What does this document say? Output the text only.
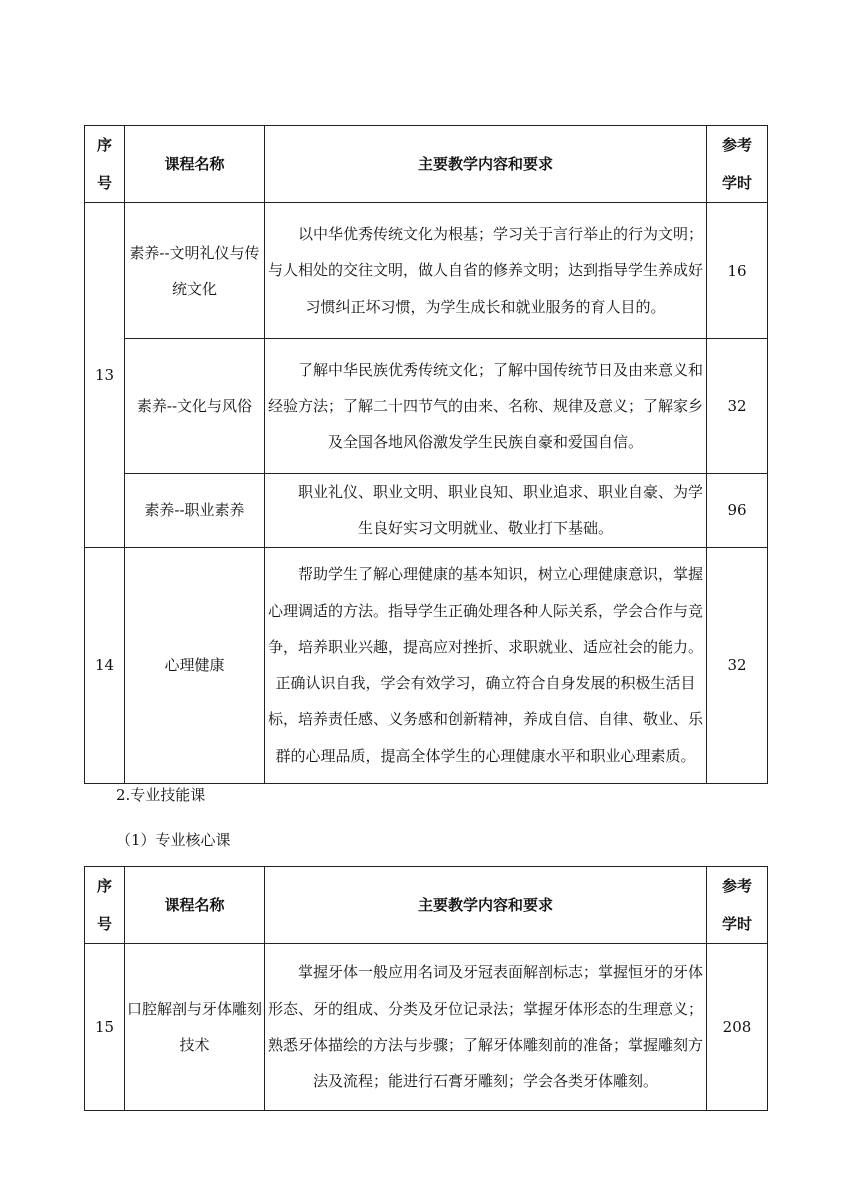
序号	课程名称	主要教学内容和要求	参考学时
13	素养--文明礼仪与传统文化	以中华优秀传统文化为根基；学习关于言行举止的行为文明；与人相处的交往文明，做人自省的修养文明；达到指导学生养成好习惯纠正坏习惯，为学生成长和就业服务的育人目的。	16
	素养--文化与风俗	了解中华民族优秀传统文化；了解中国传统节日及由来意义和经验方法；了解二十四节气的由来、名称、规律及意义；了解家乡及全国各地风俗激发学生民族自豪和爱国自信。	32
	素养--职业素养	职业礼仪、职业文明、职业良知、职业追求、职业自豪、为学生良好实习文明就业、敬业打下基础。	96
14	心理健康	帮助学生了解心理健康的基本知识，树立心理健康意识，掌握心理调适的方法。指导学生正确处理各种人际关系，学会合作与竞争，培养职业兴趣，提高应对挫折、求职就业、适应社会的能力。正确认识自我，学会有效学习，确立符合自身发展的积极生活目标，培养责任感、义务感和创新精神，养成自信、自律、敬业、乐群的心理品质，提高全体学生的心理健康水平和职业心理素质。	32
2.专业技能课
（1）专业核心课
序号	课程名称	主要教学内容和要求	参考学时
15	口腔解剖与牙体雕刻技术	掌握牙体一般应用名词及牙冠表面解剖标志；掌握恒牙的牙体形态、牙的组成、分类及牙位记录法；掌握牙体形态的生理意义；熟悉牙体描绘的方法与步骤；了解牙体雕刻前的准备；掌握雕刻方法及流程；能进行石膏牙雕刻；学会各类牙体雕刻。	208
